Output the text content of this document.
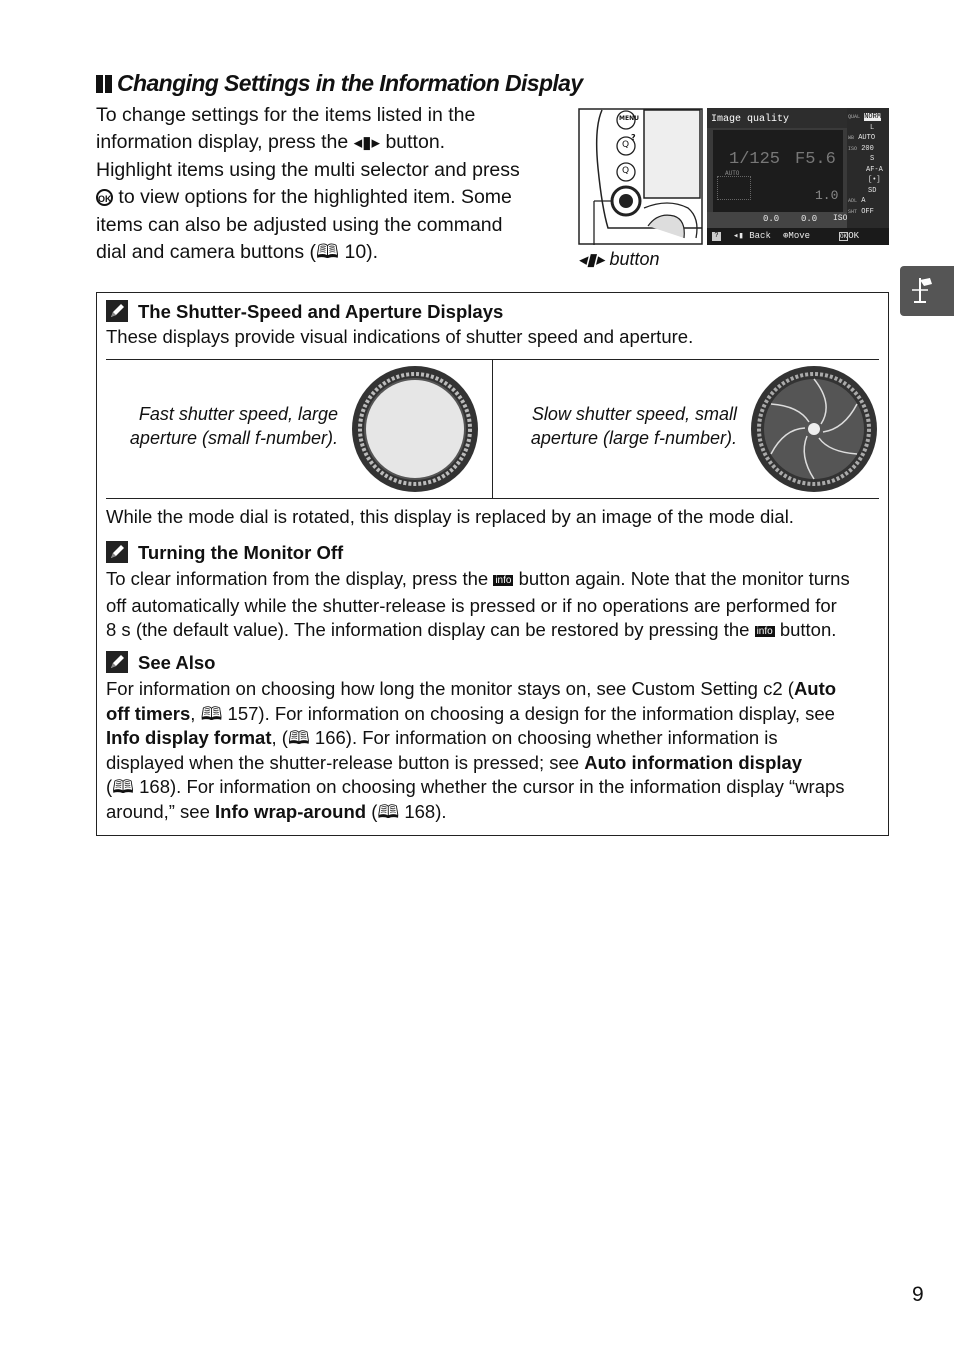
Changing Settings in the Information Display
To change settings for the items listed in the
information display, press the ◂▮▸ button.
Highlight items using the multi selector and press
OK to view options for the highlighted item. Some
items can also be adjusted using the command
dial and camera buttons (🕮 10).
MENU
?
Q
Q
Image quality
1/125 F5.6
AUTO
1.0
0.0 0.0 ISO
QUAL NORM
L
WB AUTO
ISO 200
S
AF-A
[•]
SD
ADL A
SHT OFF
? ◂▮ Back ⊕Move	OKOK
◂▮▸ button
The Shutter-Speed and Aperture Displays
These displays provide visual indications of shutter speed and aperture.
Fast shutter speed, large
aperture (small f-number).
Slow shutter speed, small
aperture (large f-number).
While the mode dial is rotated, this display is replaced by an image of the mode dial.
Turning the Monitor Off
To clear information from the display, press the info button again. Note that the monitor turns
off automatically while the shutter-release is pressed or if no operations are performed for
8 s (the default value). The information display can be restored by pressing the info button.
See Also
For information on choosing how long the monitor stays on, see Custom Setting c2 (Auto
off timers, 🕮 157). For information on choosing a design for the information display, see
Info display format, (🕮 166). For information on choosing whether information is
displayed when the shutter-release button is pressed; see Auto information display
(🕮 168). For information on choosing whether the cursor in the information display “wraps
around,” see Info wrap-around (🕮 168).
9
